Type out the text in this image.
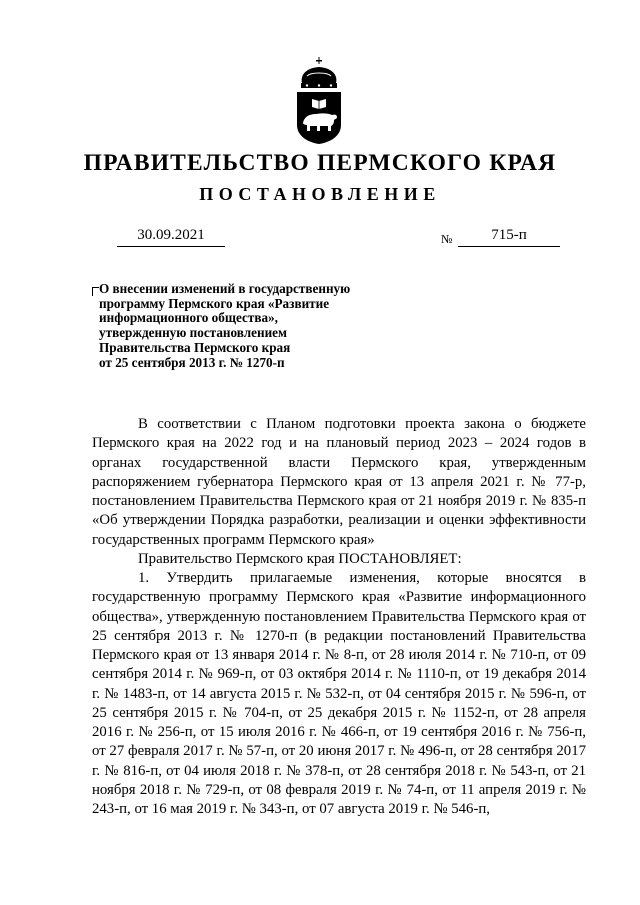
ПРАВИТЕЛЬСТВО ПЕРМСКОГО КРАЯ
ПОСТАНОВЛЕНИЕ
30.09.2021	№	715-п
О внесении изменений в государственную
программу Пермского края «Развитие
информационного общества»,
утвержденную постановлением
Правительства Пермского края
от 25 сентября 2013 г. № 1270-п

В соответствии с Планом подготовки проекта закона о бюджете Пермского края на 2022 год и на плановый период 2023 – 2024 годов в органах государственной власти Пермского края, утвержденным распоряжением губернатора Пермского края от 13 апреля 2021 г. № 77-р, постановлением Правительства Пермского края от 21 ноября 2019 г. № 835-п «Об утверждении Порядка разработки, реализации и оценки эффективности государственных программ Пермского края»

Правительство Пермского края ПОСТАНОВЛЯЕТ:

1. Утвердить прилагаемые изменения, которые вносятся в государственную программу Пермского края «Развитие информационного общества», утвержденную постановлением Правительства Пермского края от 25 сентября 2013 г. № 1270-п (в редакции постановлений Правительства Пермского края от 13 января 2014 г. № 8-п, от 28 июля 2014 г. № 710-п, от 09 сентября 2014 г. № 969-п, от 03 октября 2014 г. № 1110-п, от 19 декабря 2014 г. № 1483-п, от 14 августа 2015 г. № 532-п, от 04 сентября 2015 г. № 596-п, от 25 сентября 2015 г. № 704-п, от 25 декабря 2015 г. № 1152-п, от 28 апреля 2016 г. № 256-п, от 15 июля 2016 г. № 466-п, от 19 сентября 2016 г. № 756-п, от 27 февраля 2017 г. № 57-п, от 20 июня 2017 г. № 496-п, от 28 сентября 2017 г. № 816-п, от 04 июля 2018 г. № 378-п, от 28 сентября 2018 г. № 543-п, от 21 ноября 2018 г. № 729-п, от 08 февраля 2019 г. № 74-п, от 11 апреля 2019 г. № 243-п, от 16 мая 2019 г. № 343-п, от 07 августа 2019 г. № 546-п,
